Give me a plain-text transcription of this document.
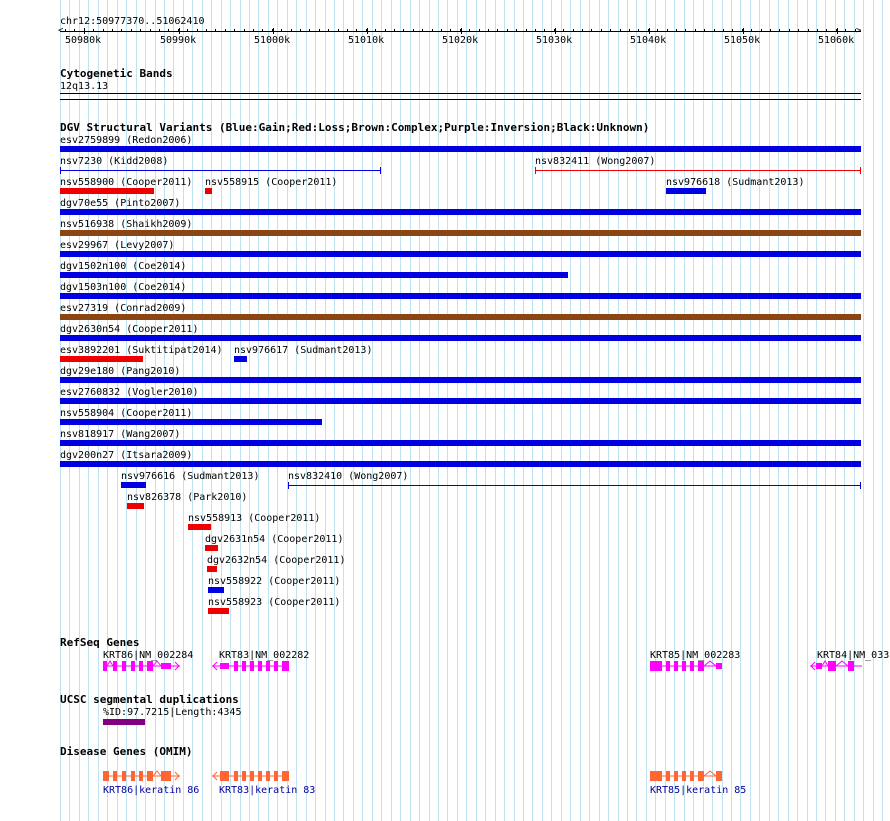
chr12:50977370..51062410
<	>
50980k	50990k	51000k	51010k	51020k	51030k	51040k	51050k	51060k
Cytogenetic Bands
12q13.13
DGV Structural Variants (Blue:Gain;Red:Loss;Brown:Complex;Purple:Inversion;Black:Unknown)
esv2759899 (Redon2006)
nsv7230 (Kidd2008)	nsv832411 (Wong2007)
nsv558900 (Cooper2011) nsv558915 (Cooper2011)	nsv976618 (Sudmant2013)
dgv70e55 (Pinto2007)
nsv516938 (Shaikh2009)
esv29967 (Levy2007)
dgv1502n100 (Coe2014)
dgv1503n100 (Coe2014)
esv27319 (Conrad2009)
dgv2630n54 (Cooper2011)
esv3892201 (Suktitipat2014) nsv976617 (Sudmant2013)
dgv29e180 (Pang2010)
esv2760832 (Vogler2010)
nsv558904 (Cooper2011)
nsv818917 (Wang2007)
dgv200n27 (Itsara2009)
nsv976616 (Sudmant2013)	nsv832410 (Wong2007)
nsv826378 (Park2010)
nsv558913 (Cooper2011)
dgv2631n54 (Cooper2011)
dgv2632n54 (Cooper2011)
nsv558922 (Cooper2011)
nsv558923 (Cooper2011)
RefSeq Genes
KRT86|NM_002284	KRT83|NM_002282	KRT85|NM_002283	KRT84|NM_033
UCSC segmental duplications
%ID:97.7215|Length:4345
Disease Genes (OMIM)
KRT86|keratin 86 KRT83|keratin 83	KRT85|keratin 85
